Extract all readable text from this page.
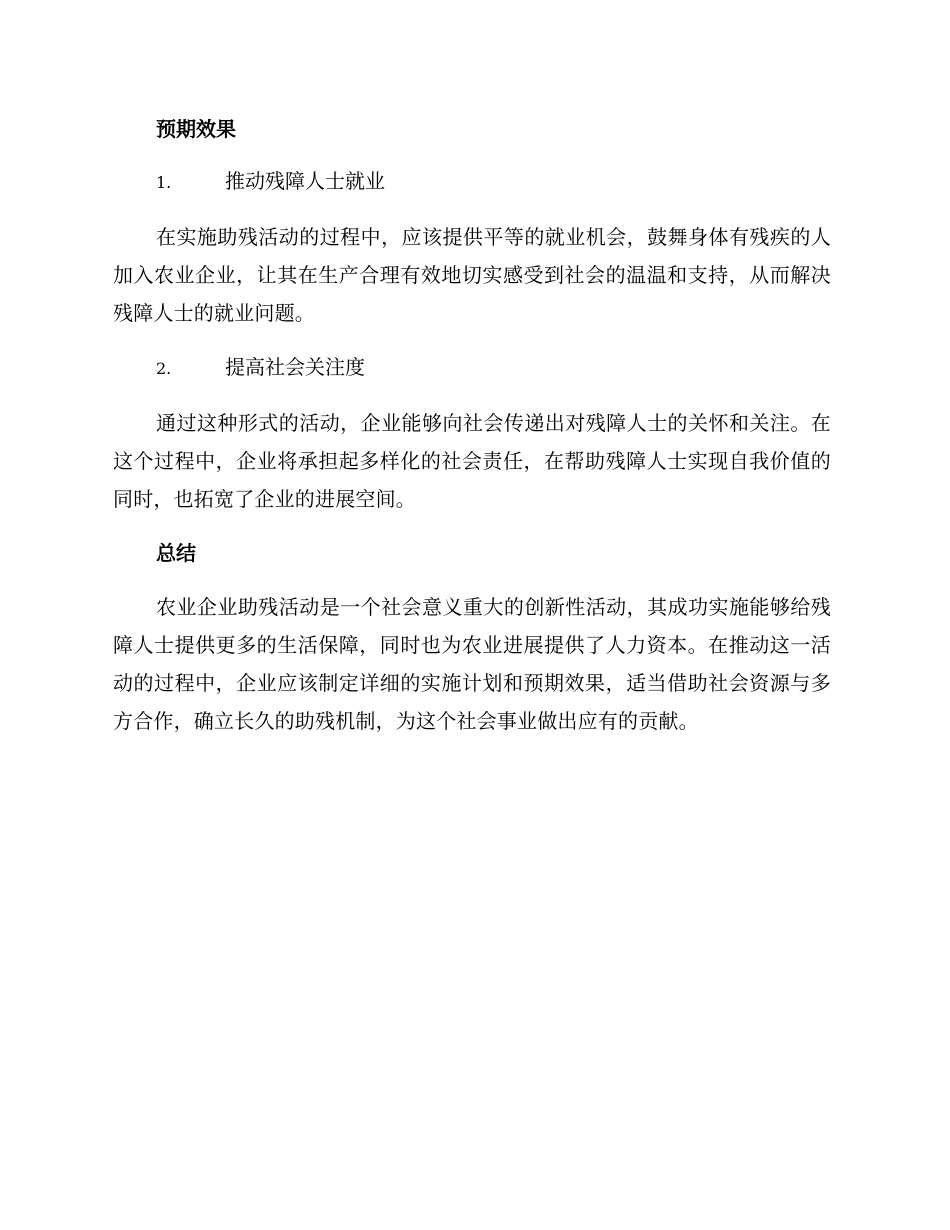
预期效果
1.	推动残障人士就业

在实施助残活动的过程中，应该提供平等的就业机会，鼓舞身体有残疾的人加入农业企业，让其在生产合理有效地切实感受到社会的温温和支持，从而解决残障人士的就业问题。

2.	提高社会关注度

通过这种形式的活动，企业能够向社会传递出对残障人士的关怀和关注。在这个过程中，企业将承担起多样化的社会责任，在帮助残障人士实现自我价值的同时，也拓宽了企业的进展空间。

总结

农业企业助残活动是一个社会意义重大的创新性活动，其成功实施能够给残障人士提供更多的生活保障，同时也为农业进展提供了人力资本。在推动这一活动的过程中，企业应该制定详细的实施计划和预期效果，适当借助社会资源与多方合作，确立长久的助残机制，为这个社会事业做出应有的贡献。
